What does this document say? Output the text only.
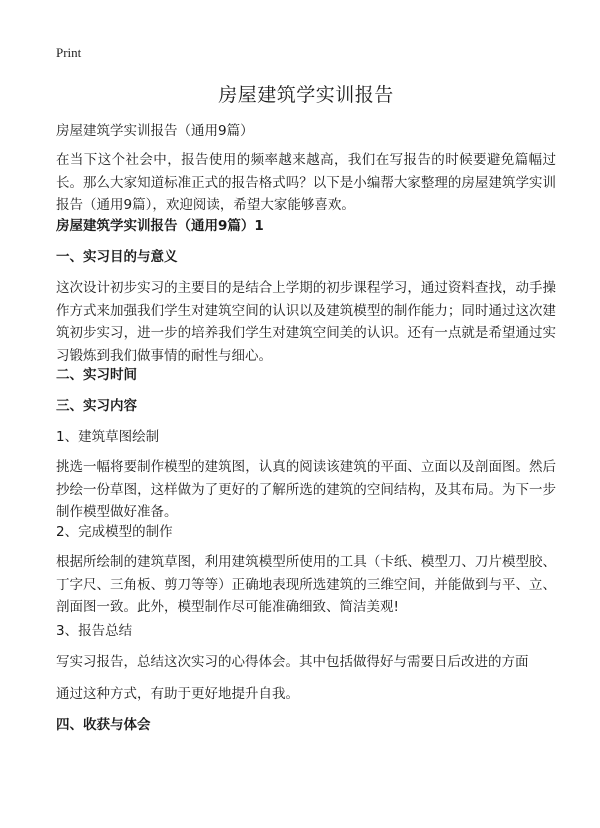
Print
房屋建筑学实训报告

房屋建筑学实训报告（通用9篇）

在当下这个社会中，报告使用的频率越来越高，我们在写报告的时候要避免篇幅过长。那么大家知道标准正式的报告格式吗？以下是小编帮大家整理的房屋建筑学实训报告（通用9篇），欢迎阅读，希望大家能够喜欢。

房屋建筑学实训报告（通用9篇）1

一、实习目的与意义

这次设计初步实习的主要目的是结合上学期的初步课程学习，通过资料查找，动手操作方式来加强我们学生对建筑空间的认识以及建筑模型的制作能力；同时通过这次建筑初步实习，进一步的培养我们学生对建筑空间美的认识。还有一点就是希望通过实习锻炼到我们做事情的耐性与细心。

二、实习时间

三、实习内容

1、建筑草图绘制

挑选一幅将要制作模型的建筑图，认真的阅读该建筑的平面、立面以及剖面图。然后抄绘一份草图，这样做为了更好的了解所选的建筑的空间结构，及其布局。为下一步制作模型做好准备。

2、完成模型的制作

根据所绘制的建筑草图，利用建筑模型所使用的工具（卡纸、模型刀、刀片模型胶、丁字尺、三角板、剪刀等等）正确地表现所选建筑的三维空间，并能做到与平、立、剖面图一致。此外，模型制作尽可能准确细致、简洁美观!

3、报告总结

写实习报告，总结这次实习的心得体会。其中包括做得好与需要日后改进的方面

通过这种方式，有助于更好地提升自我。

四、收获与体会
